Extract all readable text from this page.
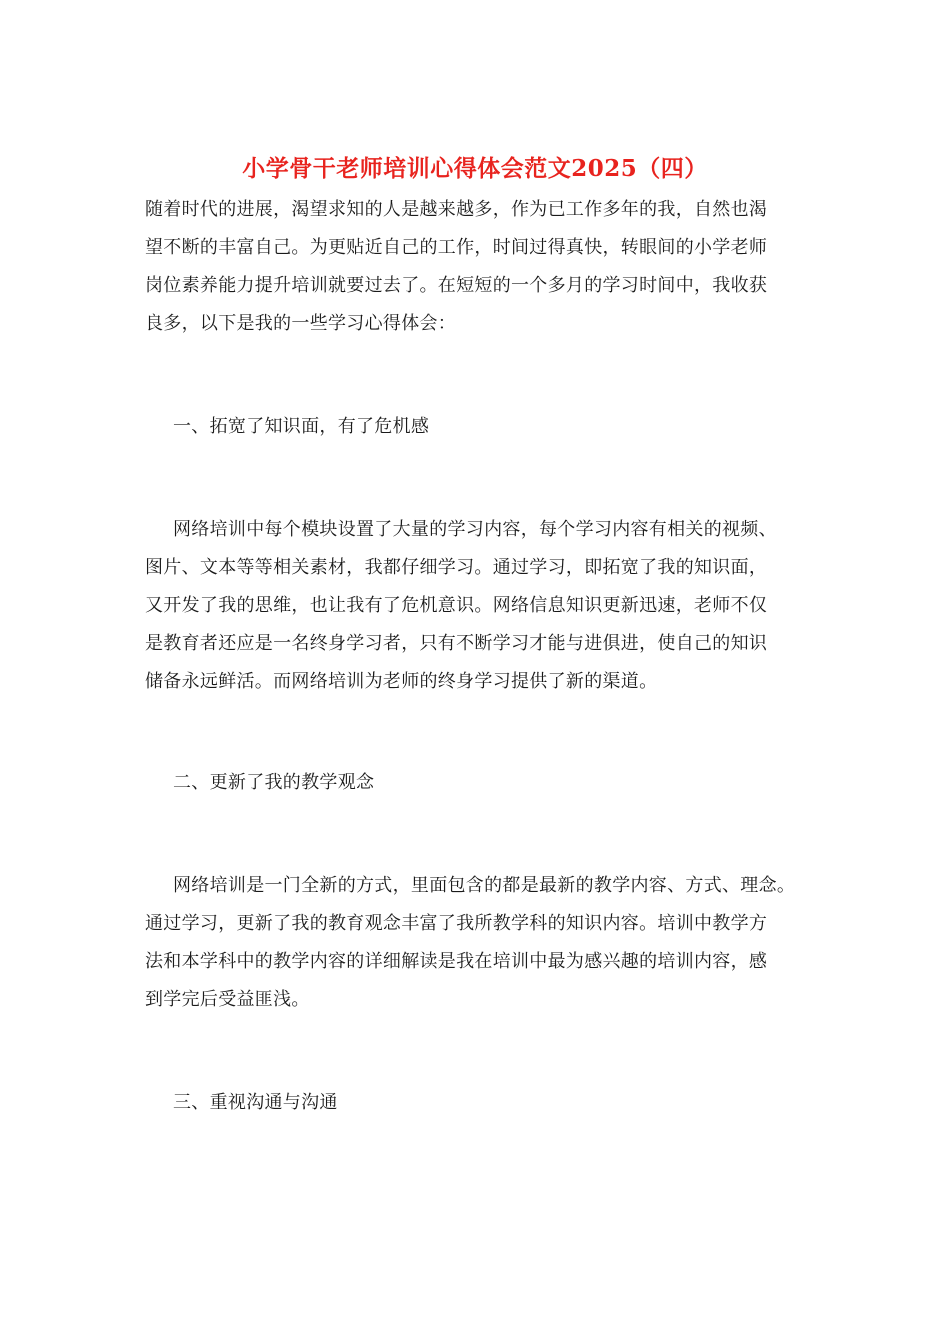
小学骨干老师培训心得体会范文2025（四）
随着时代的进展，渴望求知的人是越来越多，作为已工作多年的我，自然也渴
望不断的丰富自己。为更贴近自己的工作，时间过得真快，转眼间的小学老师
岗位素养能力提升培训就要过去了。在短短的一个多月的学习时间中，我收获
良多，以下是我的一些学习心得体会：
一、拓宽了知识面，有了危机感
网络培训中每个模块设置了大量的学习内容，每个学习内容有相关的视频、
图片、文本等等相关素材，我都仔细学习。通过学习，即拓宽了我的知识面，
又开发了我的思维，也让我有了危机意识。网络信息知识更新迅速，老师不仅
是教育者还应是一名终身学习者，只有不断学习才能与进俱进，使自己的知识
储备永远鲜活。而网络培训为老师的终身学习提供了新的渠道。
二、更新了我的教学观念
网络培训是一门全新的方式，里面包含的都是最新的教学内容、方式、理念。
通过学习，更新了我的教育观念丰富了我所教学科的知识内容。培训中教学方
法和本学科中的教学内容的详细解读是我在培训中最为感兴趣的培训内容，感
到学完后受益匪浅。
三、重视沟通与沟通
